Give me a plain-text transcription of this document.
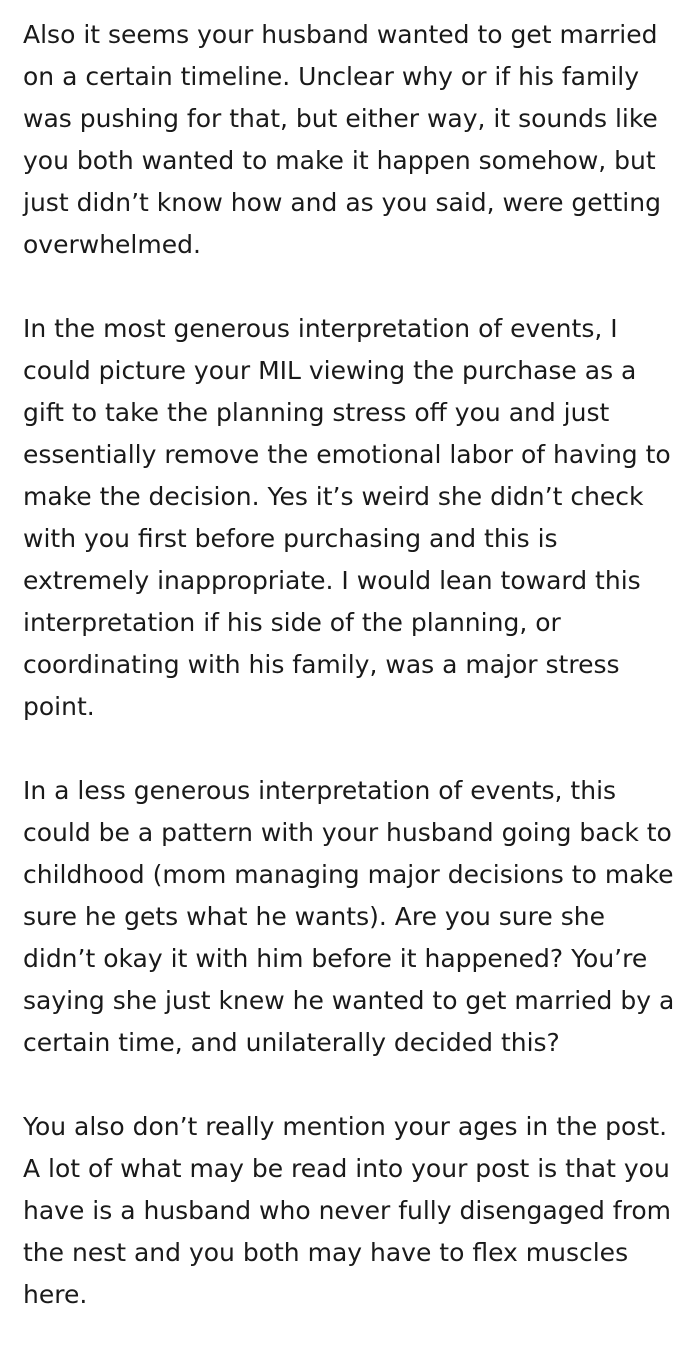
Also it seems your husband wanted to get married on a certain timeline. Unclear why or if his family was pushing for that, but either way, it sounds like you both wanted to make it happen somehow, but just didn’t know how and as you said, were getting overwhelmed.

In the most generous interpretation of events, I could picture your MIL viewing the purchase as a gift to take the planning stress off you and just essentially remove the emotional labor of having to make the decision. Yes it’s weird she didn’t check with you first before purchasing and this is extremely inappropriate. I would lean toward this interpretation if his side of the planning, or coordinating with his family, was a major stress point.

In a less generous interpretation of events, this could be a pattern with your husband going back to childhood (mom managing major decisions to make sure he gets what he wants). Are you sure she didn’t okay it with him before it happened? You’re saying she just knew he wanted to get married by a certain time, and unilaterally decided this?

You also don’t really mention your ages in the post. A lot of what may be read into your post is that you have is a husband who never fully disengaged from the nest and you both may have to flex muscles here.
